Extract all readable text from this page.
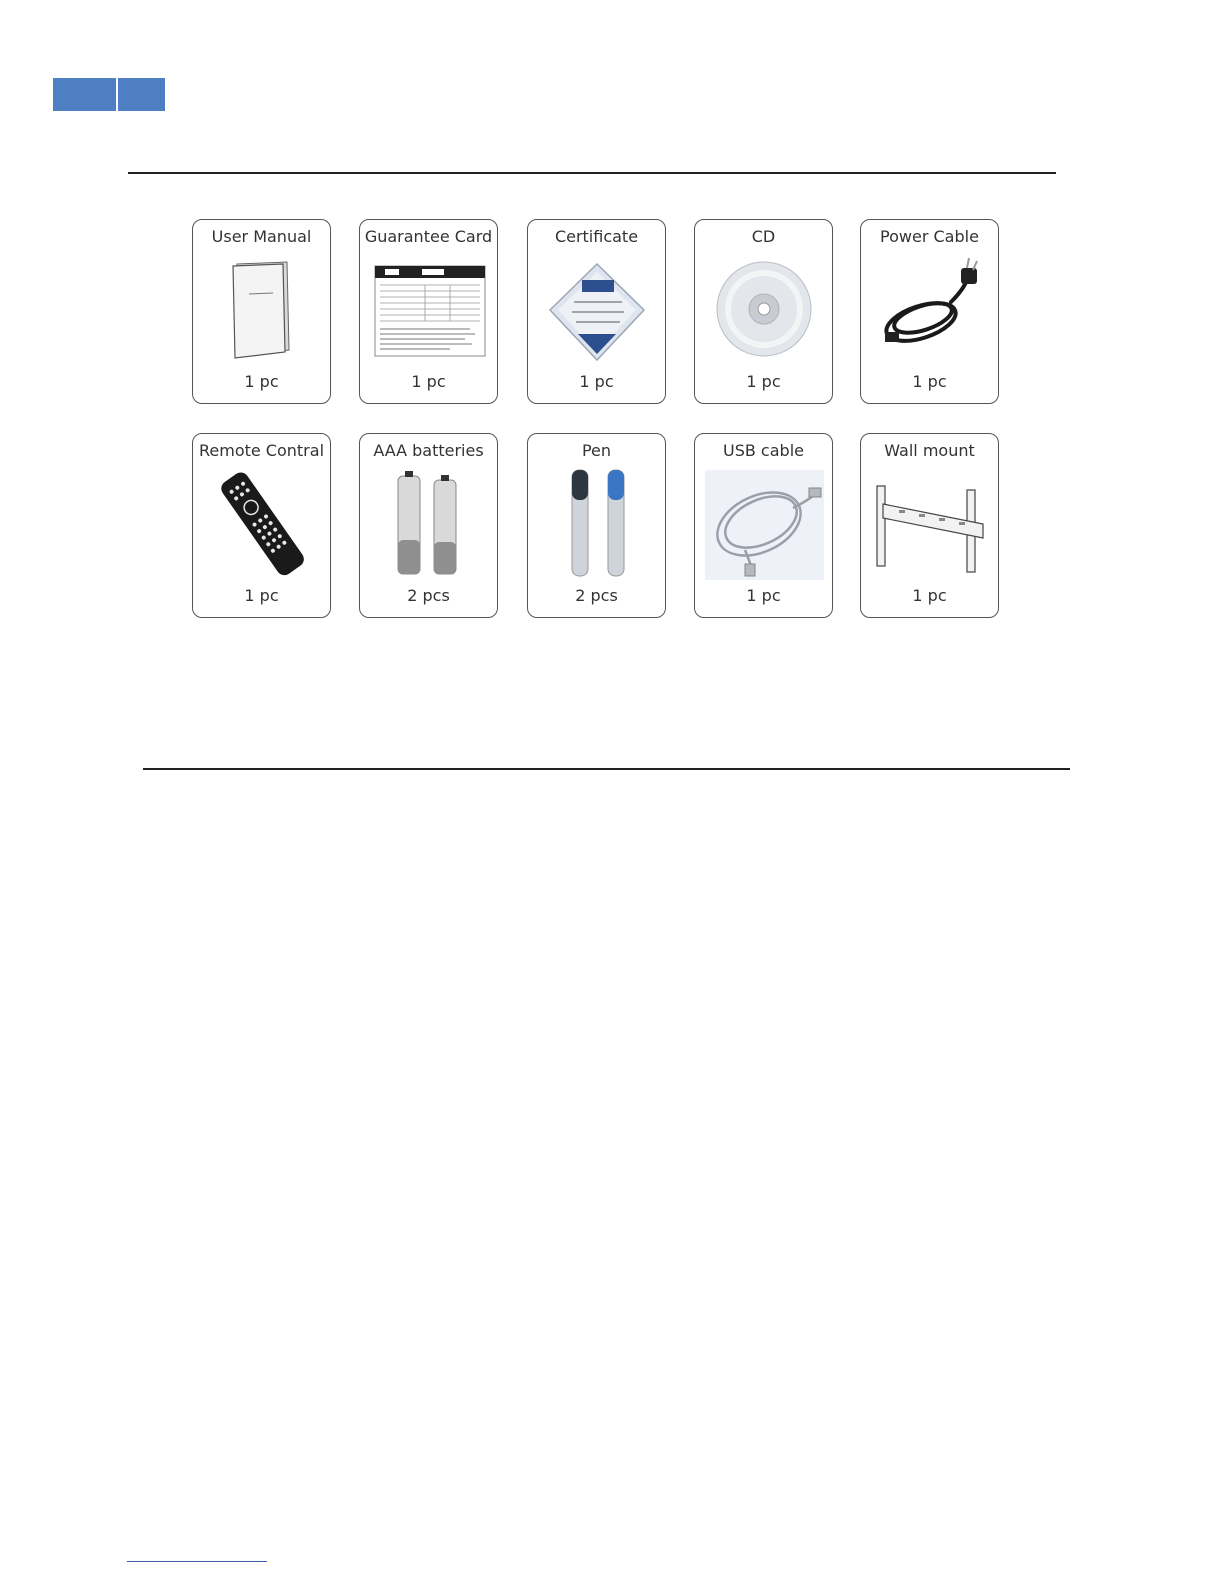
User Manual
1 pc
Guarantee Card
1 pc
Certificate
1 pc
CD
1 pc
Power Cable
1 pc
Remote Contral
1 pc
AAA batteries
2 pcs
Pen
2 pcs
USB cable
1 pc
Wall mount
1 pc
